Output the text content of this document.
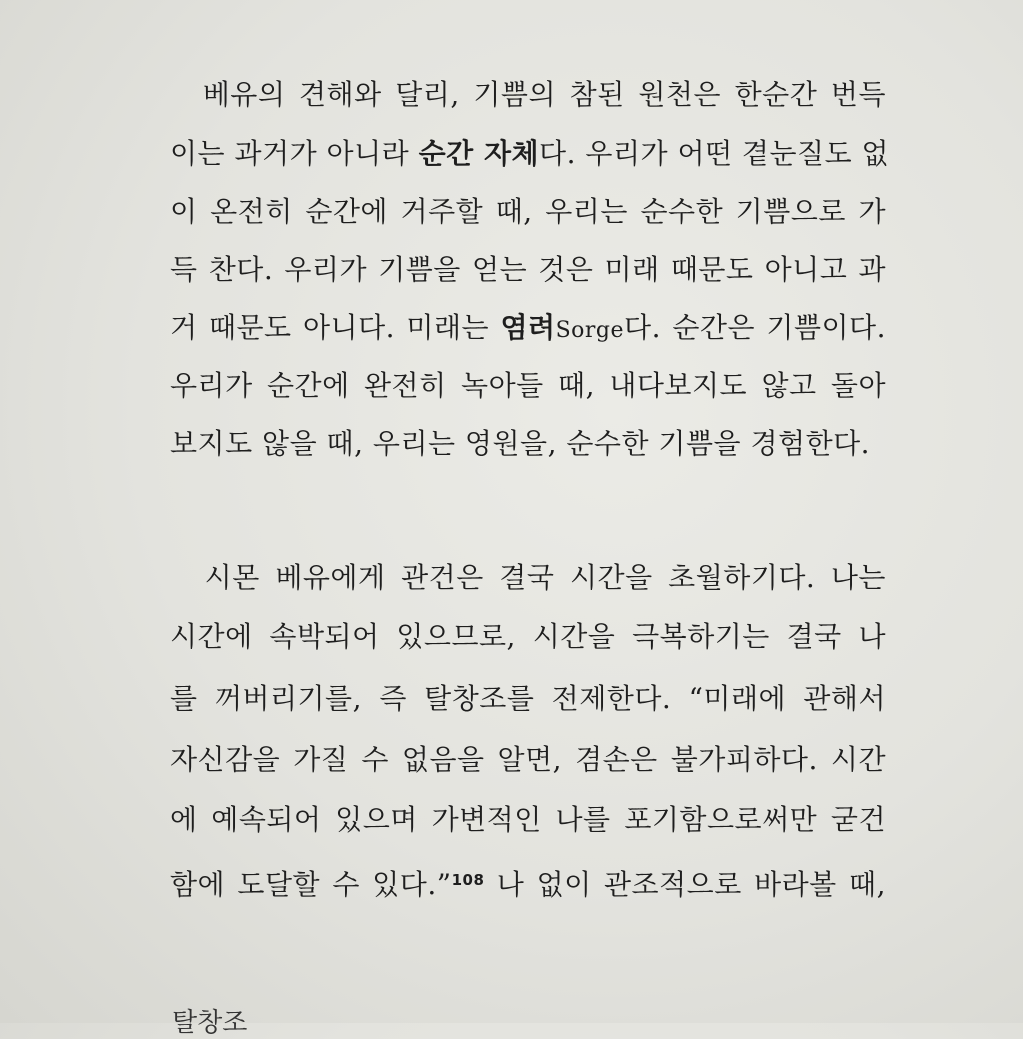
　베유의 견해와 달리, 기쁨의 참된 원천은 한순간 번득
이는 과거가 아니라 순간 자체다. 우리가 어떤 곁눈질도 없
이 온전히 순간에 거주할 때, 우리는 순수한 기쁨으로 가
득 찬다. 우리가 기쁨을 얻는 것은 미래 때문도 아니고 과
거 때문도 아니다. 미래는 염려Sorge다. 순간은 기쁨이다.
우리가 순간에 완전히 녹아들 때, 내다보지도 않고 돌아
보지도 않을 때, 우리는 영원을, 순수한 기쁨을 경험한다.
　시몬 베유에게 관건은 결국 시간을 초월하기다. 나는
시간에 속박되어 있으므로, 시간을 극복하기는 결국 나
를 꺼버리기를, 즉 탈창조를 전제한다. “미래에 관해서
자신감을 가질 수 없음을 알면, 겸손은 불가피하다. 시간
에 예속되어 있으며 가변적인 나를 포기함으로써만 굳건
함에 도달할 수 있다.”$^{108}$ 나 없이 관조적으로 바라볼 때,
탈창조
